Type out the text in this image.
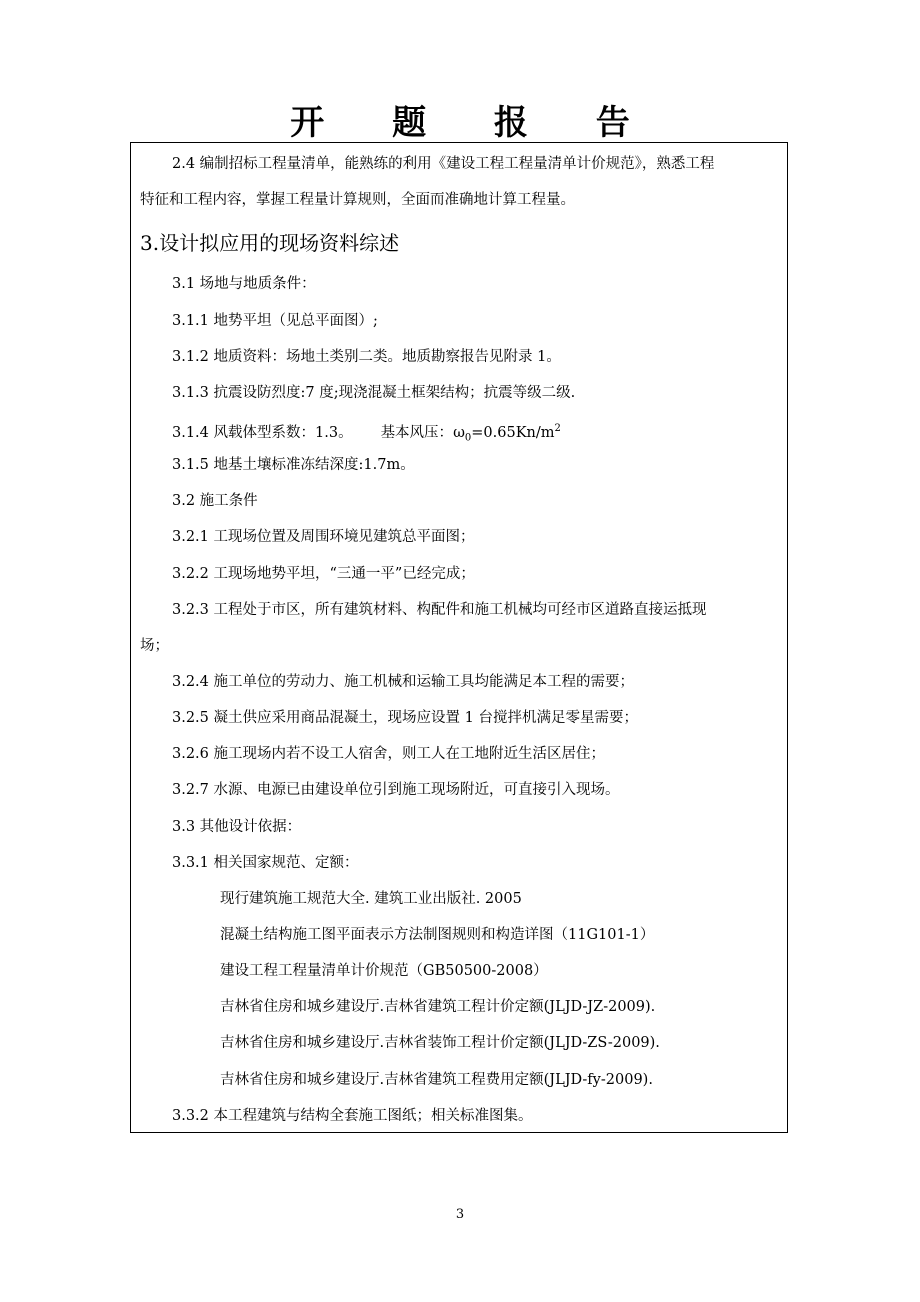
开 题 报 告
2.4 编制招标工程量清单，能熟练的利用《建设工程工程量清单计价规范》，熟悉工程
特征和工程内容，掌握工程量计算规则，全面而准确地计算工程量。
3.设计拟应用的现场资料综述
3.1 场地与地质条件：
3.1.1 地势平坦（见总平面图）;
3.1.2 地质资料：场地土类别二类。地质勘察报告见附录 1。
3.1.3 抗震设防烈度:7 度;现浇混凝土框架结构；抗震等级二级.
3.1.4 风载体型系数：1.3。 基本风压：$\omega_0=0.65Kn/m^2$
3.1.5 地基土壤标准冻结深度:1.7m。
3.2 施工条件
3.2.1 工现场位置及周围环境见建筑总平面图；
3.2.2 工现场地势平坦，“三通一平”已经完成；
3.2.3 工程处于市区，所有建筑材料、构配件和施工机械均可经市区道路直接运抵现
场；
3.2.4 施工单位的劳动力、施工机械和运输工具均能满足本工程的需要；
3.2.5 凝土供应采用商品混凝土，现场应设置 1 台搅拌机满足零星需要；
3.2.6 施工现场内若不设工人宿舍，则工人在工地附近生活区居住；
3.2.7 水源、电源已由建设单位引到施工现场附近，可直接引入现场。
3.3 其他设计依据：
3.3.1 相关国家规范、定额：
现行建筑施工规范大全. 建筑工业出版社. 2005
混凝土结构施工图平面表示方法制图规则和构造详图（11G101-1）
建设工程工程量清单计价规范（GB50500-2008）
吉林省住房和城乡建设厅.吉林省建筑工程计价定额(JLJD-JZ-2009).
吉林省住房和城乡建设厅.吉林省装饰工程计价定额(JLJD-ZS-2009).
吉林省住房和城乡建设厅.吉林省建筑工程费用定额(JLJD-fy-2009).
3.3.2 本工程建筑与结构全套施工图纸；相关标准图集。
3
